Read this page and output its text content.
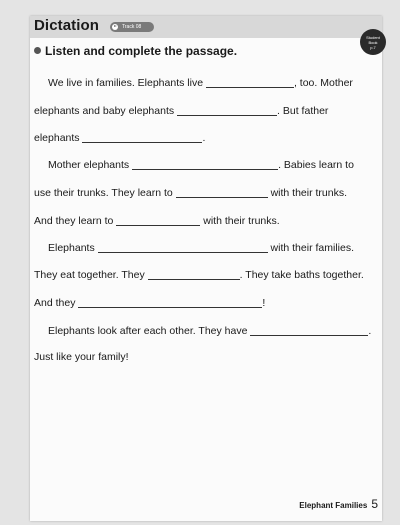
Dictation	Track 08
Student
Book
p.7
Listen and complete the passage.
We live in families. Elephants live	, too. Mother
elephants and baby elephants	. But father
elephants	.
Mother elephants	. Babies learn to
use their trunks. They learn to	with their trunks.
And they learn to	with their trunks.
Elephants	with their families.
They eat together. They	. They take baths together.
And they	!
Elephants look after each other. They have	.
Just like your family!
Elephant Families 5
